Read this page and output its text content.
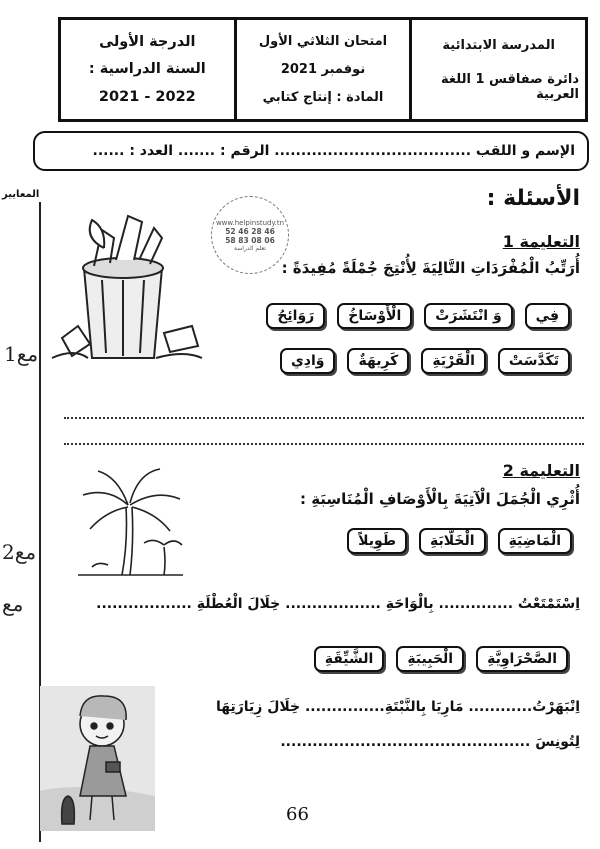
الدرجة الأولى
السنة الدراسية :
2022 - 2021
امتحان الثلاثي الأول
نوفمبر 2021
المادة : إنتاج كتابي
المدرسة الابتدائية
دائرة صفاقس 1 اللغة العربية
الإسم و اللقب ..................................... الرقم : ....... العدد : ......
المعايير
مع1
مع2
مع
الأسئلة :
www.helpinstudy.tn
52 46 28 46
58 83 08 06
تعلم الدراسة	التعليمة 1
أُرَتِّبُ الْمُفْرَدَاتِ التَّالِيَةَ لِأُنْتِجَ جُمْلَةً مُفِيدَةً :
فِي
وَ انْتَشَرَتْ
الْأَوْسَاخُ
رَوَائِحُ
تَكَدَّسَتْ
الْقَرْيَةِ
كَرِيهَةٌ
وَادِي
التعليمة 2
أُثْرِي الْجُمَلَ الْآتِيَةَ بِالْأَوْصَافِ الْمُنَاسِبَةِ :
الْمَاضِيَةِ
الْخَلَّابَةِ
طَوِيلاً
اِسْتَمْتَعْتُ .............. بِالْوَاحَةِ .................. خِلَالَ الْعُطْلَةِ ..................
الصَّحْرَاوِيَّةِ
الْحَبِيبَةِ
الشَّيِّقَةِ
اِنْبَهَرْتُ............ مَارِيَا بِالنَّبْتَةِ............... خِلَالَ زِيَارَتِهَا
لِتُونِسَ ...............................................
66
